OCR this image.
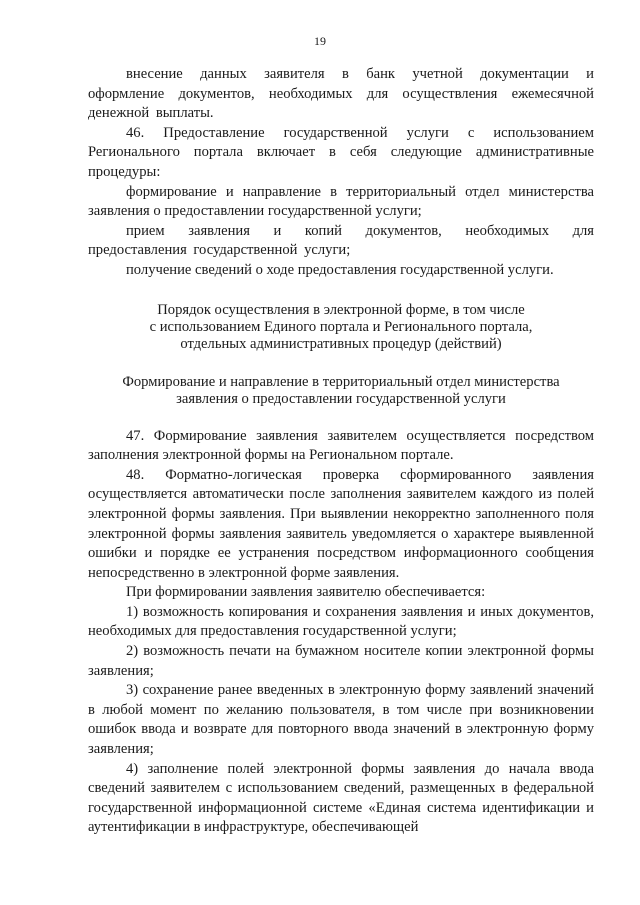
19

внесение данных заявителя в банк учетной документации и оформление документов, необходимых для осуществления ежемесячной денежной выплаты.

46. Предоставление государственной услуги с использованием Регионального портала включает в себя следующие административные процедуры:

формирование и направление в территориальный отдел министерства заявления о предоставлении государственной услуги;

прием заявления и копий документов, необходимых для предоставления государственной услуги;

получение сведений о ходе предоставления государственной услуги.

Порядок осуществления в электронной форме, в том числе
с использованием Единого портала и Регионального портала,
отдельных административных процедур (действий)
Формирование и направление в территориальный отдел министерства
заявления о предоставлении государственной услуги

47. Формирование заявления заявителем осуществляется посредством заполнения электронной формы на Региональном портале.

48. Форматно-логическая проверка сформированного заявления осуществляется автоматически после заполнения заявителем каждого из полей электронной формы заявления. При выявлении некорректно заполненного поля электронной формы заявления заявитель уведомляется о характере выявленной ошибки и порядке ее устранения посредством информационного сообщения непосредственно в электронной форме заявления.

При формировании заявления заявителю обеспечивается:

1) возможность копирования и сохранения заявления и иных документов, необходимых для предоставления государственной услуги;

2) возможность печати на бумажном носителе копии электронной формы заявления;

3) сохранение ранее введенных в электронную форму заявлений значений в любой момент по желанию пользователя, в том числе при возникновении ошибок ввода и возврате для повторного ввода значений в электронную форму заявления;

4) заполнение полей электронной формы заявления до начала ввода сведений заявителем с использованием сведений, размещенных в федеральной государственной информационной системе «Единая система идентификации и аутентификации в инфраструктуре, обеспечивающей
